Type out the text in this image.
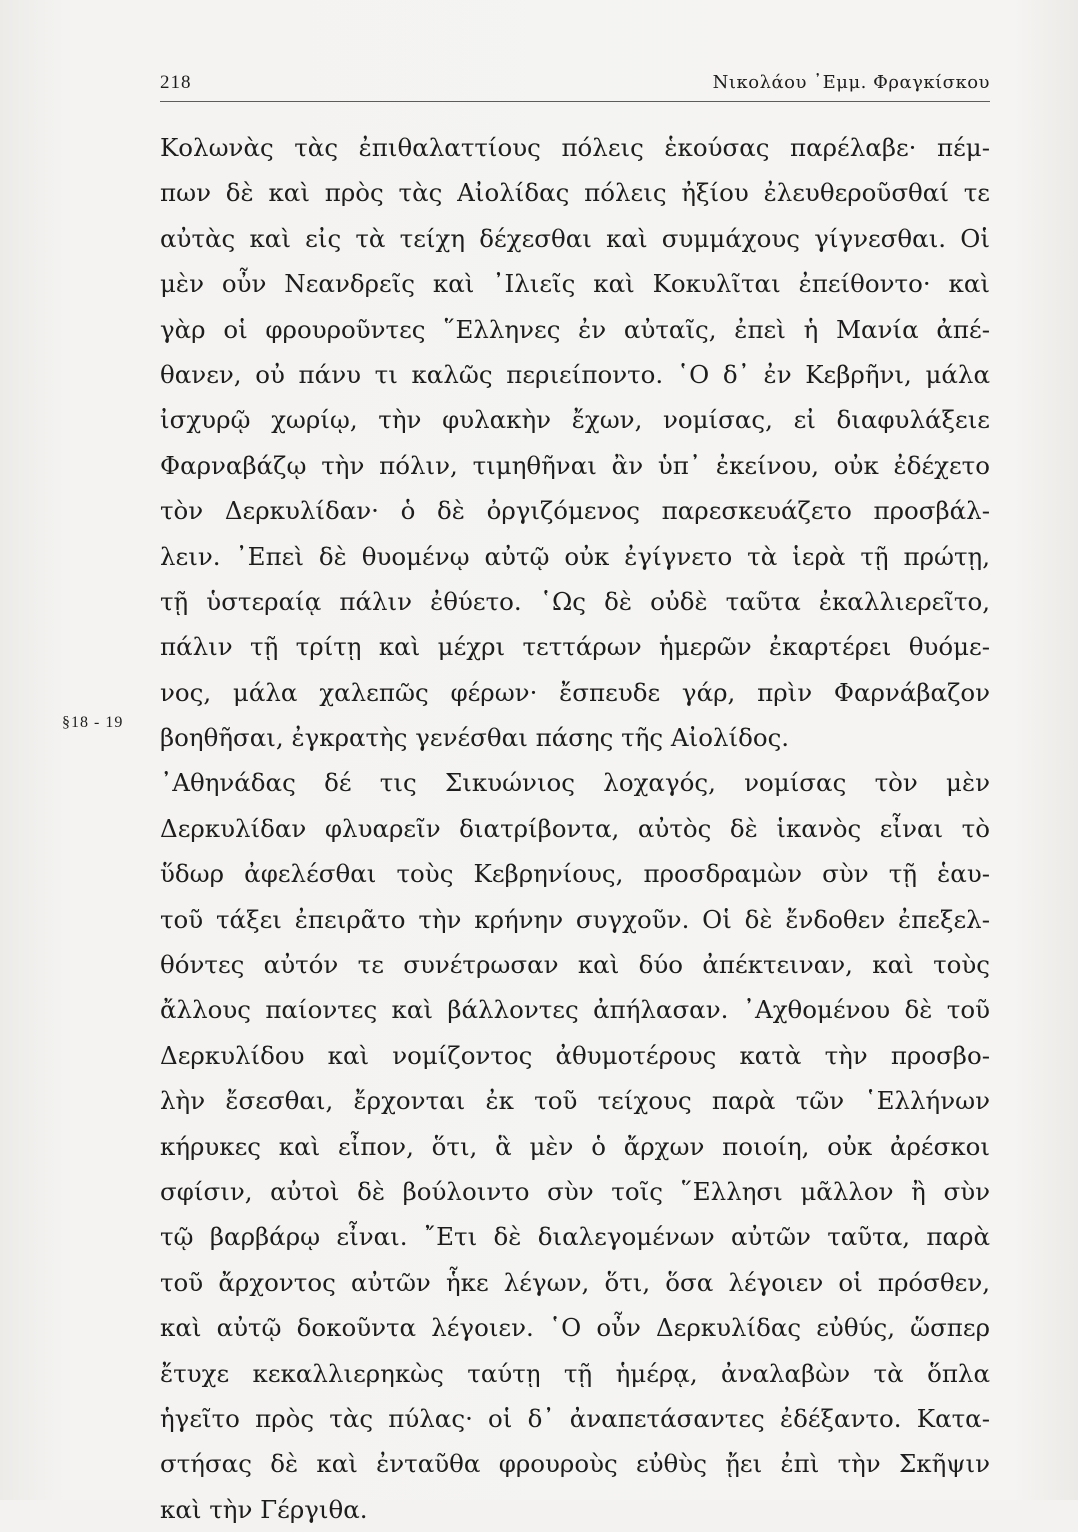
218	Νικολάου ᾿Εμμ. Φραγκίσκου
§18 - 19
Κολωνὰς τὰς ἐπιθαλαττίους πόλεις ἑκούσας παρέλαβε· πέμ-
πων δὲ καὶ πρὸς τὰς Αἰολίδας πόλεις ἠξίου ἐλευθεροῦσθαί τε
αὐτὰς καὶ εἰς τὰ τείχη δέχεσθαι καὶ συμμάχους γίγνεσθαι. Οἱ
μὲν οὖν Νεανδρεῖς καὶ ᾿Ιλιεῖς καὶ Κοκυλῖται ἐπείθοντο· καὶ
γὰρ οἱ φρουροῦντες ῞Ελληνες ἐν αὐταῖς, ἐπεὶ ἡ Μανία ἀπέ-
θανεν, οὐ πάνυ τι καλῶς περιείποντο. ῾Ο δ᾿ ἐν Κεβρῆνι, μάλα
ἰσχυρῷ χωρίῳ, τὴν φυλακὴν ἔχων, νομίσας, εἰ διαφυλάξειε
Φαρναβάζῳ τὴν πόλιν, τιμηθῆναι ἂν ὑπ᾿ ἐκείνου, οὐκ ἐδέχετο
τὸν Δερκυλίδαν· ὁ δὲ ὀργιζόμενος παρεσκευάζετο προσβάλ-
λειν. ᾿Επεὶ δὲ θυομένῳ αὐτῷ οὐκ ἐγίγνετο τὰ ἱερὰ τῇ πρώτῃ,
τῇ ὑστεραίᾳ πάλιν ἐθύετο. ῾Ως δὲ οὐδὲ ταῦτα ἐκαλλιερεῖτο,
πάλιν τῇ τρίτῃ καὶ μέχρι τεττάρων ἡμερῶν ἐκαρτέρει θυόμε-
νος, μάλα χαλεπῶς φέρων· ἔσπευδε γάρ, πρὶν Φαρνάβαζον
βοηθῆσαι, ἐγκρατὴς γενέσθαι πάσης τῆς Αἰολίδος.
᾿Αθηνάδας δέ τις Σικυώνιος λοχαγός, νομίσας τὸν μὲν
Δερκυλίδαν φλυαρεῖν διατρίβοντα, αὐτὸς δὲ ἱκανὸς εἶναι τὸ
ὕδωρ ἀφελέσθαι τοὺς Κεβρηνίους, προσδραμὼν σὺν τῇ ἑαυ-
τοῦ τάξει ἐπειρᾶτο τὴν κρήνην συγχοῦν. Οἱ δὲ ἔνδοθεν ἐπεξελ-
θόντες αὐτόν τε συνέτρωσαν καὶ δύο ἀπέκτειναν, καὶ τοὺς
ἄλλους παίοντες καὶ βάλλοντες ἀπήλασαν. ᾿Αχθομένου δὲ τοῦ
Δερκυλίδου καὶ νομίζοντος ἀθυμοτέρους κατὰ τὴν προσβο-
λὴν ἔσεσθαι, ἔρχονται ἐκ τοῦ τείχους παρὰ τῶν ῾Ελλήνων
κήρυκες καὶ εἶπον, ὅτι, ἃ μὲν ὁ ἄρχων ποιοίη, οὐκ ἀρέσκοι
σφίσιν, αὐτοὶ δὲ βούλοιντο σὺν τοῖς ῞Ελλησι μᾶλλον ἢ σὺν
τῷ βαρβάρῳ εἶναι. ῎Ετι δὲ διαλεγομένων αὐτῶν ταῦτα, παρὰ
τοῦ ἄρχοντος αὐτῶν ἧκε λέγων, ὅτι, ὅσα λέγοιεν οἱ πρόσθεν,
καὶ αὐτῷ δοκοῦντα λέγοιεν. ῾Ο οὖν Δερκυλίδας εὐθύς, ὥσπερ
ἔτυχε κεκαλλιερηκὼς ταύτῃ τῇ ἡμέρᾳ, ἀναλαβὼν τὰ ὅπλα
ἡγεῖτο πρὸς τὰς πύλας· οἱ δ᾿ ἀναπετάσαντες ἐδέξαντο. Κατα-
στήσας δὲ καὶ ἐνταῦθα φρουροὺς εὐθὺς ᾔει ἐπὶ τὴν Σκῆψιν
καὶ τὴν Γέργιθα.
